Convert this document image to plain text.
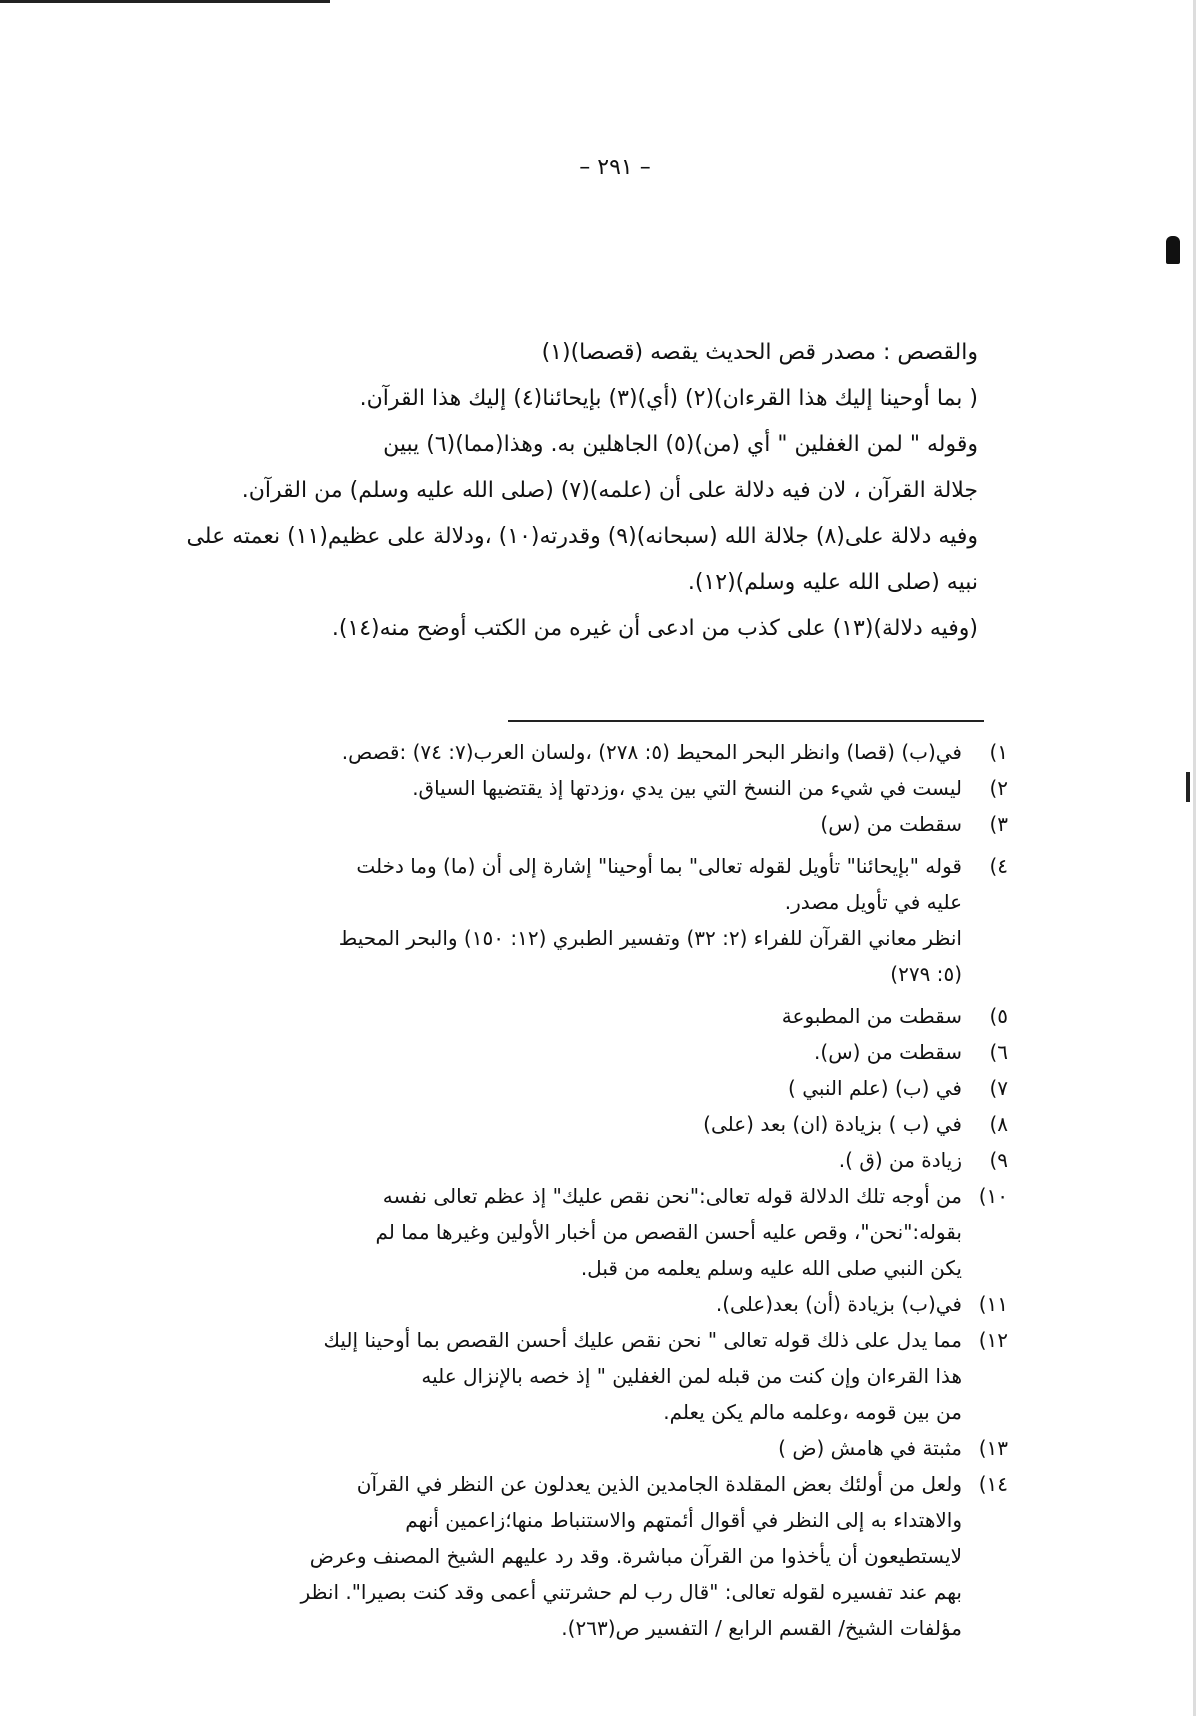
– ٢٩١ –
والقصص : مصدر قص الحديث يقصه (قصصا)(١)
( بما أوحينا إليك هذا القرءان)(٢) (أي)(٣) بإيحائنا(٤) إليك هذا القرآن.
وقوله " لمن الغفلين " أي (من)(٥) الجاهلين به. وهذا(مما)(٦) يبين
جلالة القرآن ، لان فيه دلالة على أن (علمه)(٧) (صلى الله عليه وسلم) من القرآن.
وفيه دلالة على(٨) جلالة الله (سبحانه)(٩) وقدرته(١٠) ،ودلالة على عظيم(١١) نعمته على
نبيه (صلى الله عليه وسلم)(١٢).
(وفيه دلالة)(١٣) على كذب من ادعى أن غيره من الكتب أوضح منه(١٤).
١)
في(ب) (قصا) وانظر البحر المحيط (٥: ٢٧٨) ،ولسان العرب(٧: ٧٤) :قصص.
٢)
ليست في شيء من النسخ التي بين يدي ،وزدتها إذ يقتضيها السياق.
٣)
سقطت من (س)
٤)
قوله "بإيحائنا" تأويل لقوله تعالى" بما أوحينا" إشارة إلى أن (ما) وما دخلت
عليه في تأويل مصدر.
انظر معاني القرآن للفراء (٢: ٣٢) وتفسير الطبري (١٢: ١٥٠) والبحر المحيط
(٥: ٢٧٩)
٥)
سقطت من المطبوعة
٦)
سقطت من (س).
٧)
في (ب) (علم النبي )
٨)
في (ب ) بزيادة (ان) بعد (على)
٩)
زيادة من (ق ).
١٠)
من أوجه تلك الدلالة قوله تعالى:"نحن نقص عليك" إذ عظم تعالى نفسه
بقوله:"نحن"، وقص عليه أحسن القصص من أخبار الأولين وغيرها مما لم
يكن النبي صلى الله عليه وسلم يعلمه من قبل.
١١)
في(ب) بزيادة (أن) بعد(على).
١٢)
مما يدل على ذلك قوله تعالى " نحن نقص عليك أحسن القصص بما أوحينا إليك
هذا القرءان وإن كنت من قبله لمن الغفلين " إذ خصه بالإنزال عليه
من بين قومه ،وعلمه مالم يكن يعلم.
١٣)
مثبتة في هامش (ض )
١٤)
ولعل من أولئك بعض المقلدة الجامدين الذين يعدلون عن النظر في القرآن
والاهتداء به إلى النظر في أقوال أئمتهم والاستنباط منها؛زاعمين أنهم
لايستطيعون أن يأخذوا من القرآن مباشرة. وقد رد عليهم الشيخ المصنف وعرض
بهم عند تفسيره لقوله تعالى: "قال رب لم حشرتني أعمى وقد كنت بصيرا". انظر
مؤلفات الشيخ/ القسم الرابع / التفسير ص(٢٦٣).
